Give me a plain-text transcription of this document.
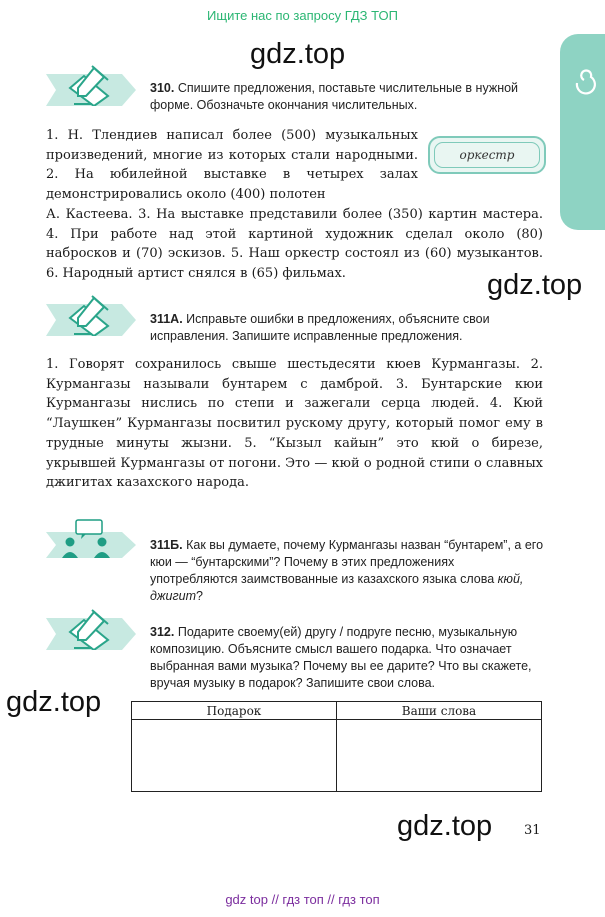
Ищите нас по запросу ГДЗ ТОП
gdz.top
gdz.top
gdz.top
gdz.top
310. Спишите предложения, поставьте числительные в нужной форме. Обозначьте окончания числительных.
1. Н. Тлендиев написал более (500) музыкальных произведений, многие из которых стали народными. 2. На юбилейной выставке в четырех залах демонстрировались около (400) полотен
оркестр
А. Кастеева. 3. На выставке представили более (350) картин мастера. 4. При работе над этой картиной художник сделал около (80) набросков и (70) эскизов. 5. Наш оркестр состоял из (60) музыкантов. 6. Народный артист снялся в (65) фильмах.
311А. Исправьте ошибки в предложениях, объясните свои исправления. Запишите исправленные предложения.
1. Говорят сохранилось свыше шестьдесяти кюев Курмангазы. 2. Курмангазы называли бунтарем с дамброй. 3. Бунтарские кюи Курмангазы нислись по степи и зажегали серца людей. 4. Кюй “Лаушкен” Курмангазы посвитил рускому другу, который помог ему в трудные минуты жызни. 5. “Кызыл кайын” это кюй о бирезе, укрывшей Курмангазы от погони. Это — кюй о родной стипи о славных джигитах казахского народа.
311Б. Как вы думаете, почему Курмангазы назван “бунтарем”, а его кюи — “бунтарскими”? Почему в этих предложениях употребляются заимствованные из казахского языка слова кюй, джигит?
312. Подарите своему(ей) другу / подруге песню, музыкальную композицию. Объясните смысл вашего подарка. Что означает выбранная вами музыка? Почему вы ее дарите? Что вы скажете, вручая музыку в подарок? Запишите свои слова.
Подарок	Ваши слова

31
gdz top // гдз топ // гдз топ
